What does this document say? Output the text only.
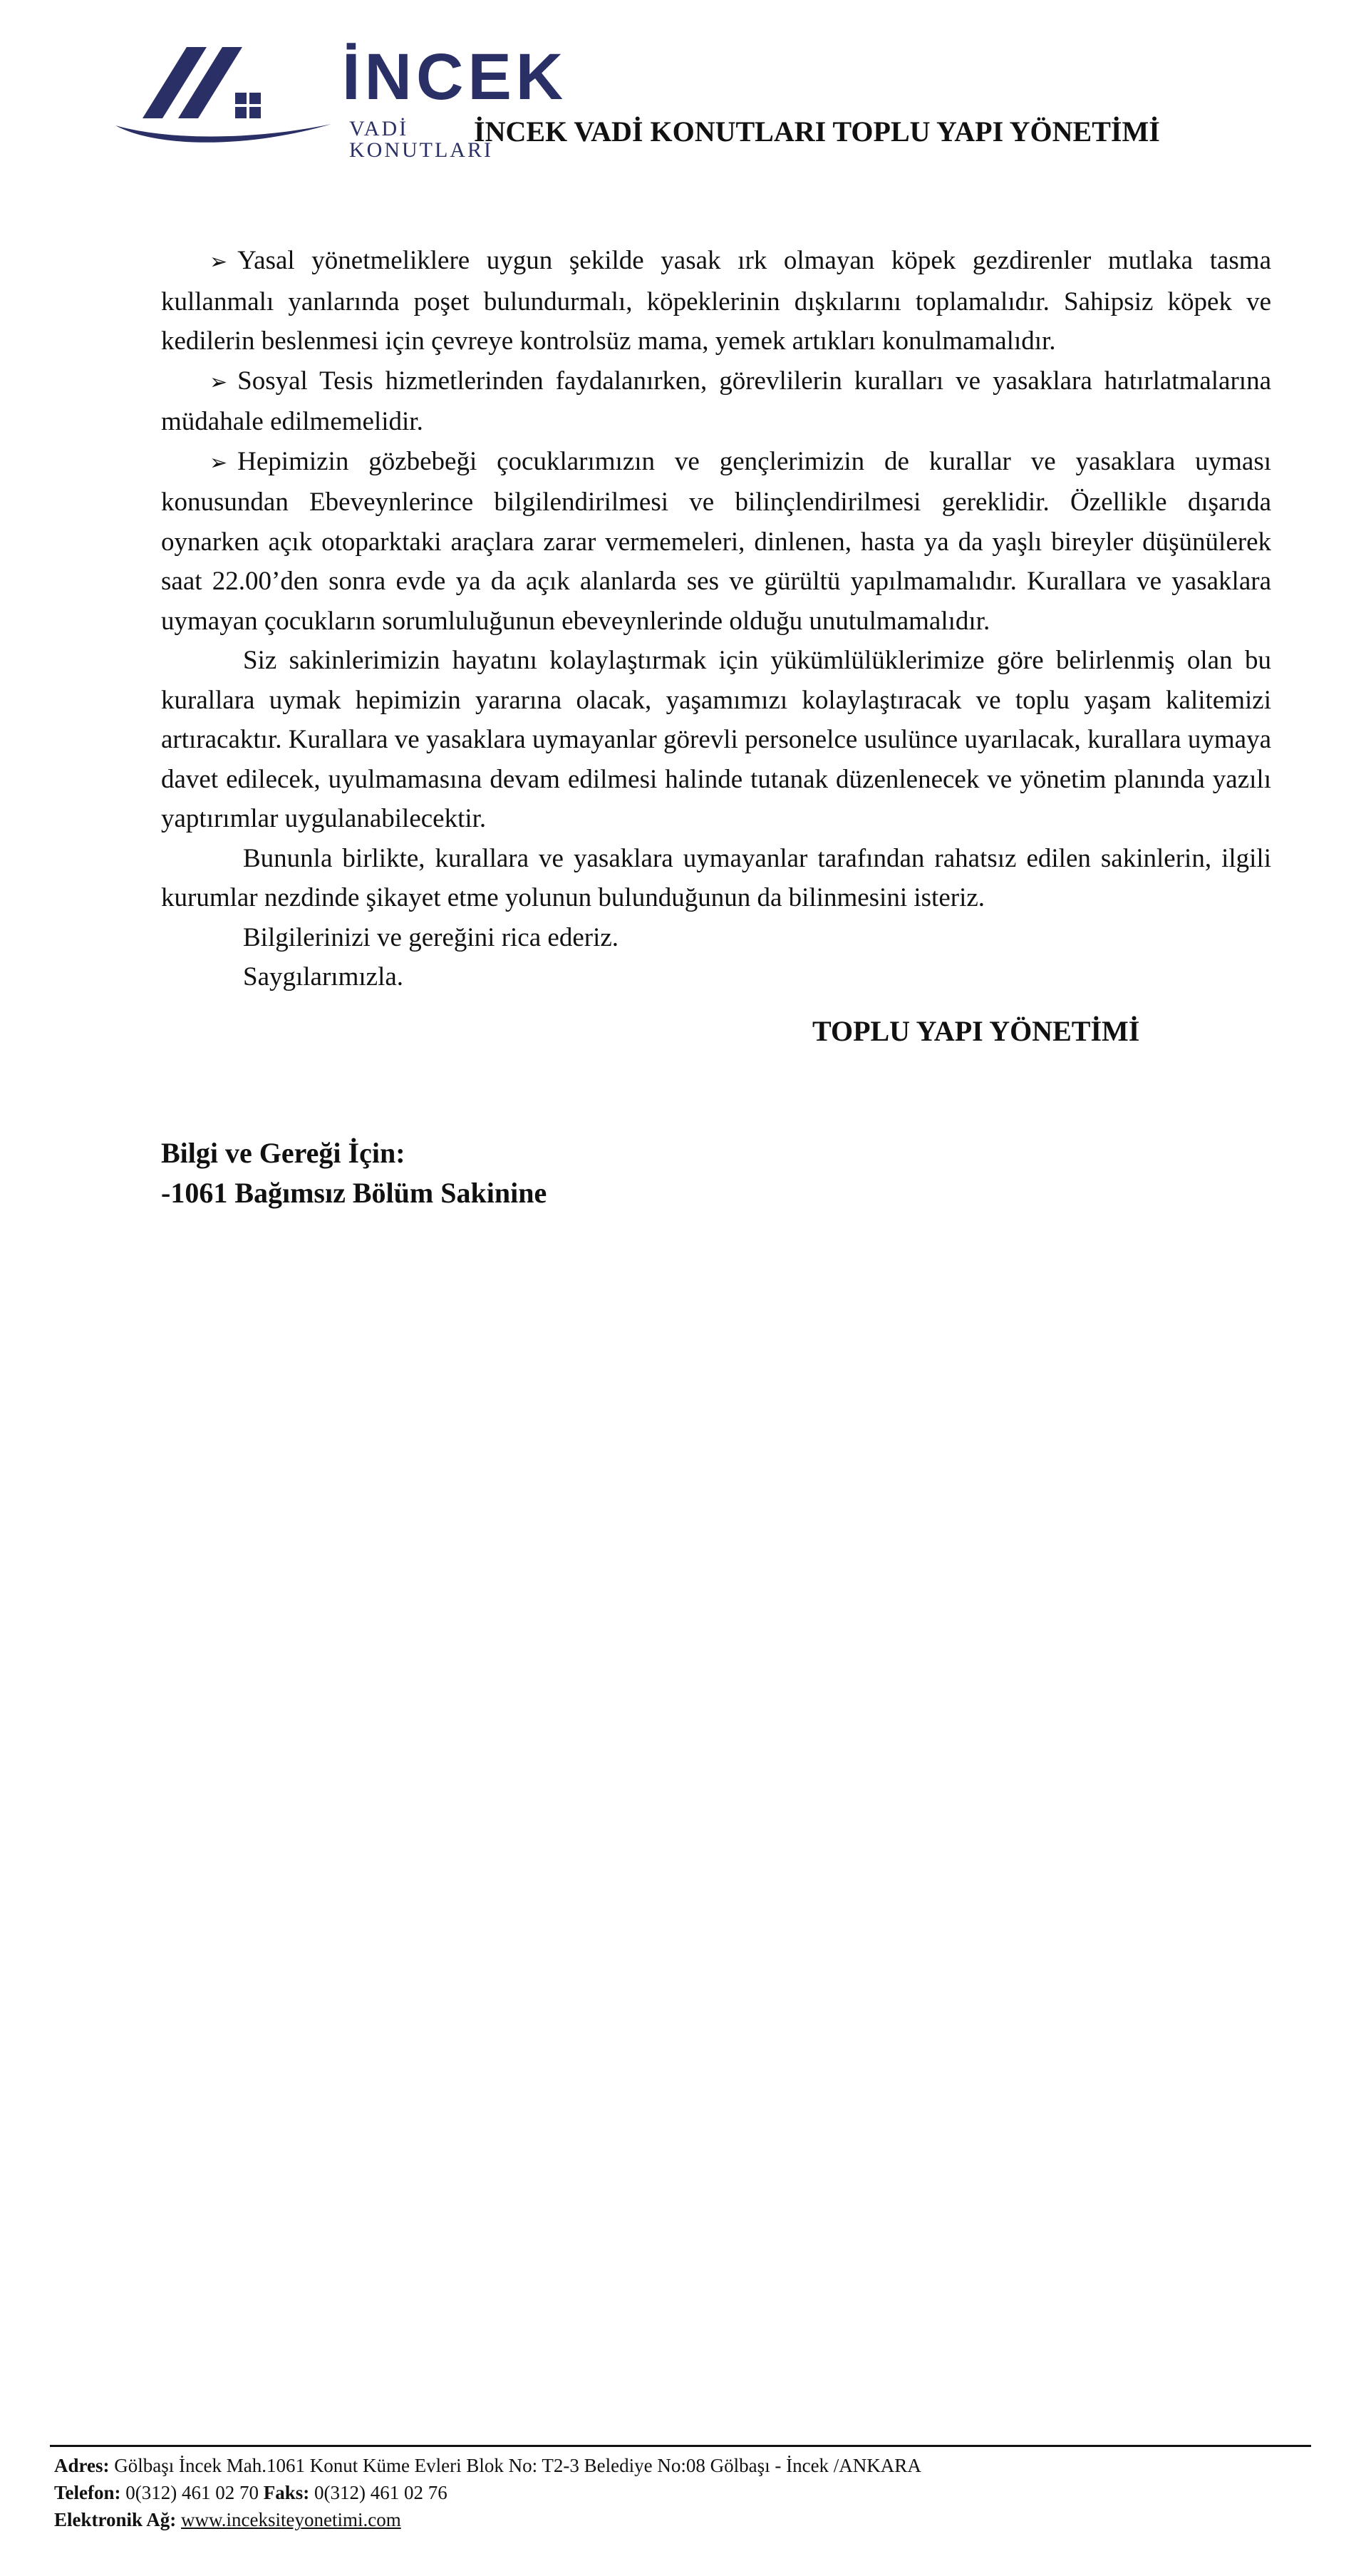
İNCEK
VADİ KONUTLARI
İNCEK VADİ KONUTLARI TOPLU YAPI YÖNETİMİ

➢ Yasal yönetmeliklere uygun şekilde yasak ırk olmayan köpek gezdirenler mutlaka tasma kullanmalı yanlarında poşet bulundurmalı, köpeklerinin dışkılarını toplamalıdır. Sahipsiz köpek ve kedilerin beslenmesi için çevreye kontrolsüz mama, yemek artıkları konulmamalıdır.

➢ Sosyal Tesis hizmetlerinden faydalanırken, görevlilerin kuralları ve yasaklara hatırlatmalarına müdahale edilmemelidir.

➢ Hepimizin gözbebeği çocuklarımızın ve gençlerimizin de kurallar ve yasaklara uyması konusundan Ebeveynlerince bilgilendirilmesi ve bilinçlendirilmesi gereklidir. Özellikle dışarıda oynarken açık otoparktaki araçlara zarar vermemeleri, dinlenen, hasta ya da yaşlı bireyler düşünülerek saat 22.00’den sonra evde ya da açık alanlarda ses ve gürültü yapılmamalıdır. Kurallara ve yasaklara uymayan çocukların sorumluluğunun ebeveynlerinde olduğu unutulmamalıdır.

Siz sakinlerimizin hayatını kolaylaştırmak için yükümlülüklerimize göre belirlenmiş olan bu kurallara uymak hepimizin yararına olacak, yaşamımızı kolaylaştıracak ve toplu yaşam kalitemizi artıracaktır. Kurallara ve yasaklara uymayanlar görevli personelce usulünce uyarılacak, kurallara uymaya davet edilecek, uyulmamasına devam edilmesi halinde tutanak düzenlenecek ve yönetim planında yazılı yaptırımlar uygulanabilecektir.

Bununla birlikte, kurallara ve yasaklara uymayanlar tarafından rahatsız edilen sakinlerin, ilgili kurumlar nezdinde şikayet etme yolunun bulunduğunun da bilinmesini isteriz.

Bilgilerinizi ve gereğini rica ederiz.

Saygılarımızla.

TOPLU YAPI YÖNETİMİ
Bilgi ve Gereği İçin:
-1061 Bağımsız Bölüm Sakinine
Adres: Gölbaşı İncek Mah.1061 Konut Küme Evleri Blok No: T2-3 Belediye No:08 Gölbaşı - İncek /ANKARA
Telefon: 0(312) 461 02 70 Faks: 0(312) 461 02 76
Elektronik Ağ: www.inceksiteyonetimi.com
